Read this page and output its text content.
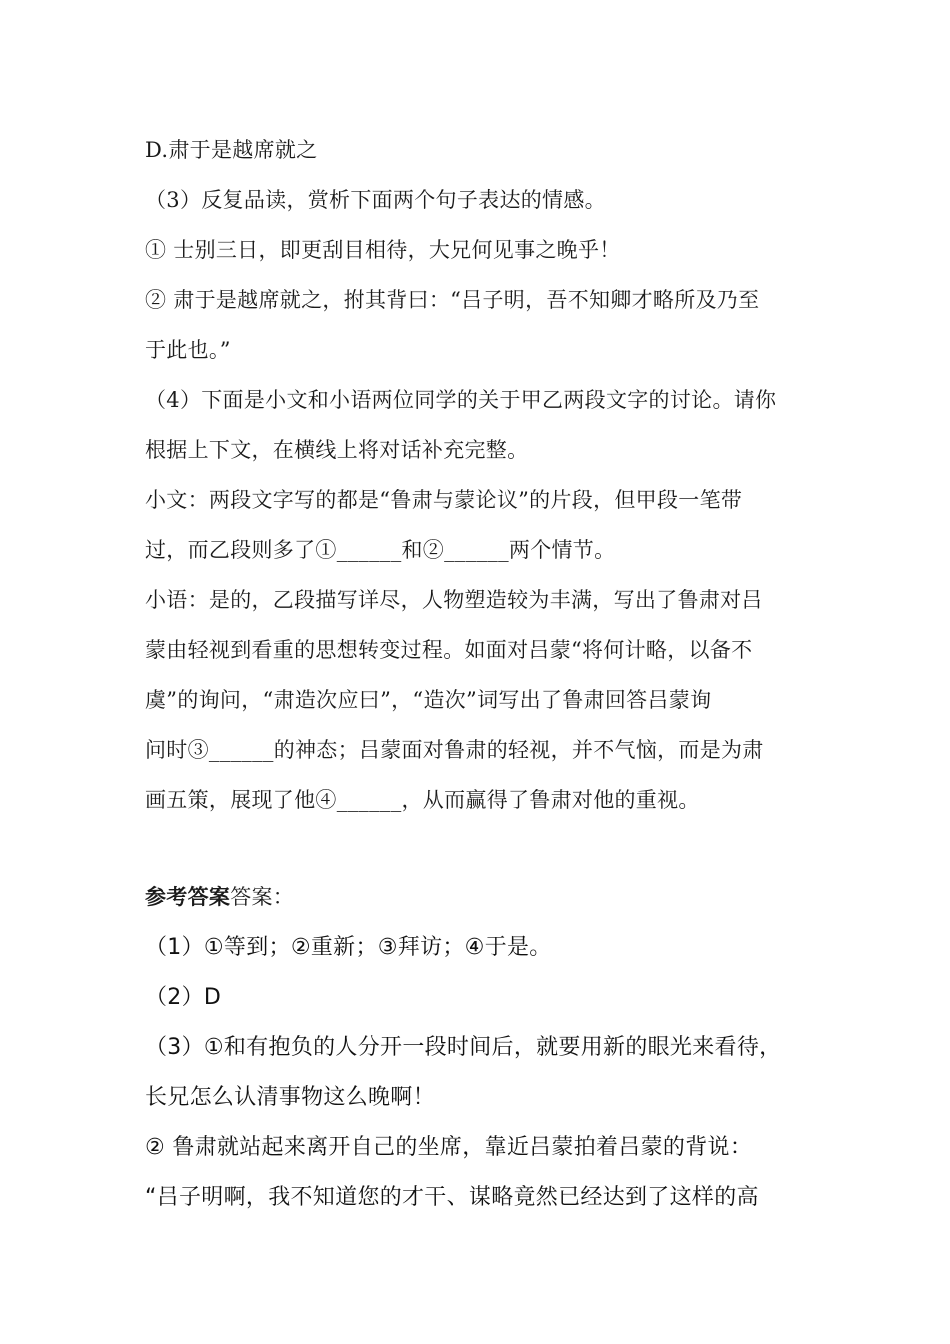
D.肃于是越席就之
（3）反复品读，赏析下面两个句子表达的情感。
① 士别三日，即更刮目相待，大兄何见事之晚乎！
② 肃于是越席就之，拊其背曰：“吕子明，吾不知卿才略所及乃至
于此也。”
（4）下面是小文和小语两位同学的关于甲乙两段文字的讨论。请你
根据上下文，在横线上将对话补充完整。
小文：两段文字写的都是“鲁肃与蒙论议”的片段，但甲段一笔带
过，而乙段则多了①______和②______两个情节。
小语：是的，乙段描写详尽，人物塑造较为丰满，写出了鲁肃对吕
蒙由轻视到看重的思想转变过程。如面对吕蒙“将何计略，以备不
虞”的询问，“肃造次应曰”，“造次”词写出了鲁肃回答吕蒙询
问时③______的神态；吕蒙面对鲁肃的轻视，并不气恼，而是为肃
画五策，展现了他④______，从而赢得了鲁肃对他的重视。
参考答案答案：
（1）①等到；②重新；③拜访；④于是。
（2）D
（3）①和有抱负的人分开一段时间后，就要用新的眼光来看待，
长兄怎么认清事物这么晚啊！
② 鲁肃就站起来离开自己的坐席，靠近吕蒙拍着吕蒙的背说：
“吕子明啊，我不知道您的才干、谋略竟然已经达到了这样的高
